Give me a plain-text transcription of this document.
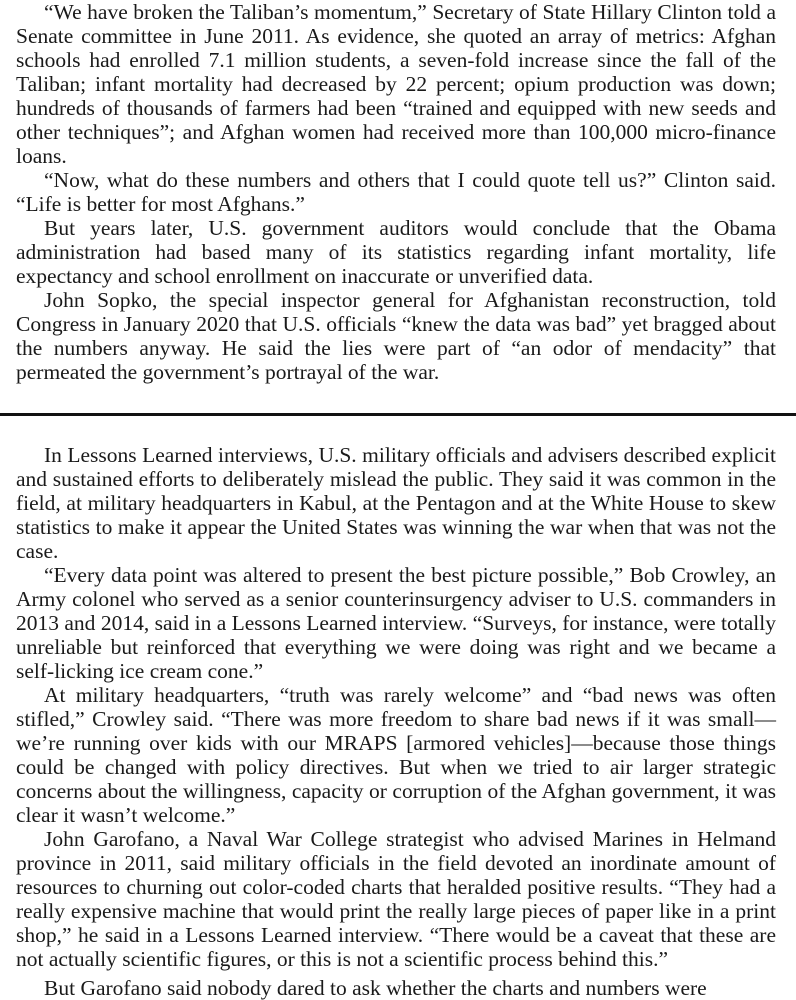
“We have broken the Taliban’s momentum,” Secretary of State Hillary Clinton told a Senate committee in June 2011. As evidence, she quoted an array of metrics: Afghan schools had enrolled 7.1 million students, a seven-fold increase since the fall of the Taliban; infant mortality had decreased by 22 percent; opium production was down; hundreds of thousands of farmers had been “trained and equipped with new seeds and other techniques”; and Afghan women had received more than 100,000 micro-finance loans.

“Now, what do these numbers and others that I could quote tell us?” Clinton said. “Life is better for most Afghans.”

But years later, U.S. government auditors would conclude that the Obama administration had based many of its statistics regarding infant mortality, life expectancy and school enrollment on inaccurate or unverified data.

John Sopko, the special inspector general for Afghanistan reconstruction, told Congress in January 2020 that U.S. officials “knew the data was bad” yet bragged about the numbers anyway. He said the lies were part of “an odor of mendacity” that permeated the government’s portrayal of the war.

In Lessons Learned interviews, U.S. military officials and advisers described explicit and sustained efforts to deliberately mislead the public. They said it was common in the field, at military headquarters in Kabul, at the Pentagon and at the White House to skew statistics to make it appear the United States was winning the war when that was not the case.

“Every data point was altered to present the best picture possible,” Bob Crowley, an Army colonel who served as a senior counterinsurgency adviser to U.S. commanders in 2013 and 2014, said in a Lessons Learned interview. “Surveys, for instance, were totally unreliable but reinforced that everything we were doing was right and we became a self-licking ice cream cone.”

At military headquarters, “truth was rarely welcome” and “bad news was often stifled,” Crowley said. “There was more freedom to share bad news if it was small—we’re running over kids with our MRAPS [armored vehicles]—because those things could be changed with policy directives. But when we tried to air larger strategic concerns about the willingness, capacity or corruption of the Afghan government, it was clear it wasn’t welcome.”

John Garofano, a Naval War College strategist who advised Marines in Helmand province in 2011, said military officials in the field devoted an inordinate amount of resources to churning out color-coded charts that heralded positive results. “They had a really expensive machine that would print the really large pieces of paper like in a print shop,” he said in a Lessons Learned interview. “There would be a caveat that these are not actually scientific figures, or this is not a scientific process behind this.”

But Garofano said nobody dared to ask whether the charts and numbers were
